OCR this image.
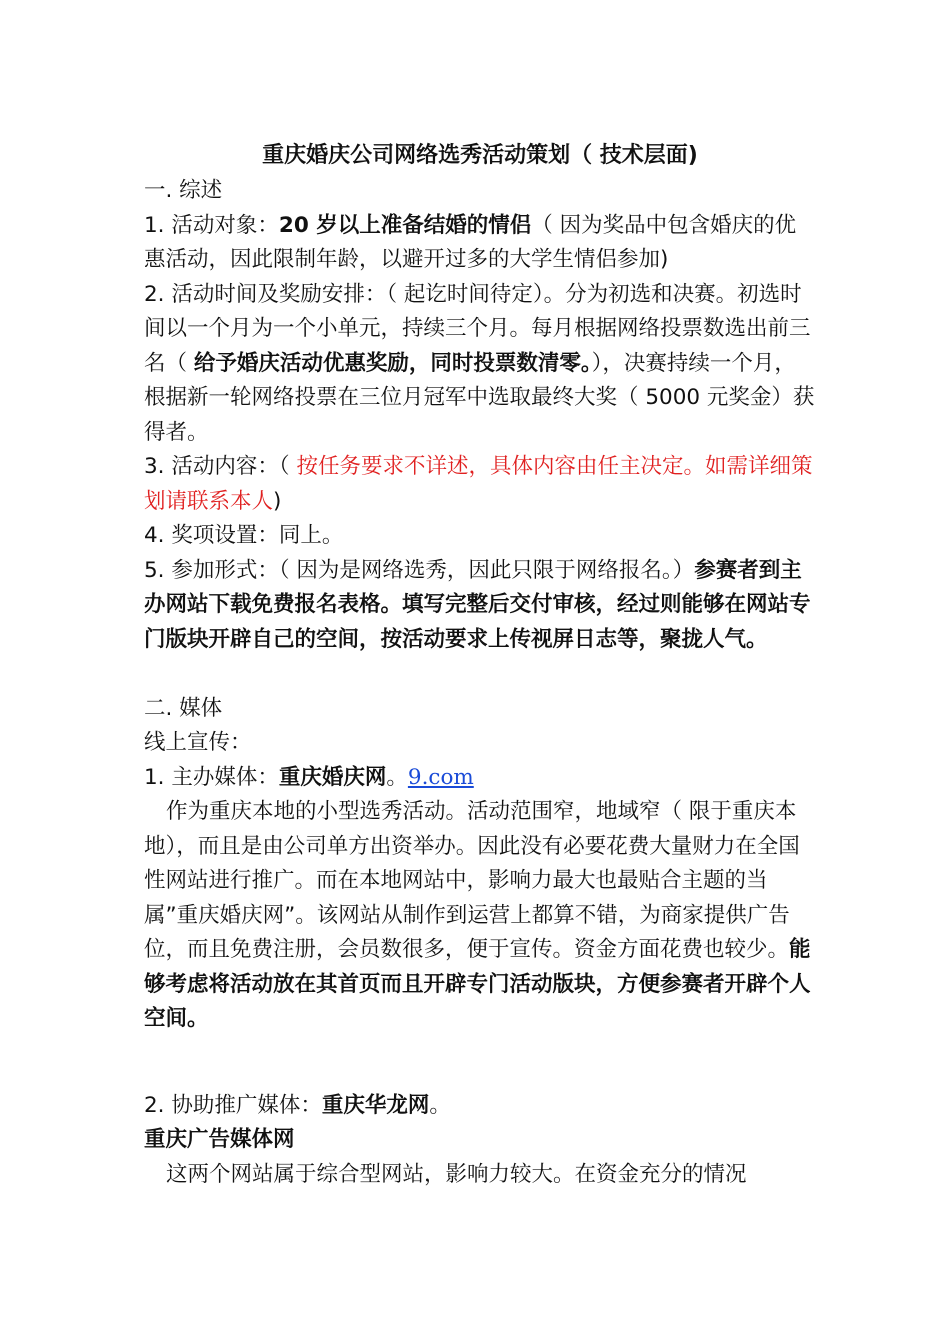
重庆婚庆公司网络选秀活动策划（ 技术层面)

一. 综述

1. 活动对象：20 岁以上准备结婚的情侣（ 因为奖品中包含婚庆的优惠活动，因此限制年龄，以避开过多的大学生情侣参加)

2. 活动时间及奖励安排：（ 起讫时间待定）。分为初选和决赛。初选时间以一个月为一个小单元，持续三个月。每月根据网络投票数选出前三名（ 给予婚庆活动优惠奖励，同时投票数清零。），决赛持续一个月，根据新一轮网络投票在三位月冠军中选取最终大奖（ 5000 元奖金）获得者。

3. 活动内容：（ 按任务要求不详述，具体内容由任主决定。如需详细策划请联系本人)

4. 奖项设置：同上。

5. 参加形式：（ 因为是网络选秀，因此只限于网络报名。）参赛者到主办网站下载免费报名表格。填写完整后交付审核，经过则能够在网站专门版块开辟自己的空间，按活动要求上传视屏日志等，聚拢人气。

二. 媒体

线上宣传：

1. 主办媒体：重庆婚庆网。9.com

作为重庆本地的小型选秀活动。活动范围窄，地域窄（ 限于重庆本地），而且是由公司单方出资举办。因此没有必要花费大量财力在全国性网站进行推广。而在本地网站中，影响力最大也最贴合主题的当属”重庆婚庆网”。该网站从制作到运营上都算不错，为商家提供广告位，而且免费注册，会员数很多，便于宣传。资金方面花费也较少。能够考虑将活动放在其首页而且开辟专门活动版块，方便参赛者开辟个人空间。

2. 协助推广媒体：重庆华龙网。

重庆广告媒体网

这两个网站属于综合型网站，影响力较大。在资金充分的情况
